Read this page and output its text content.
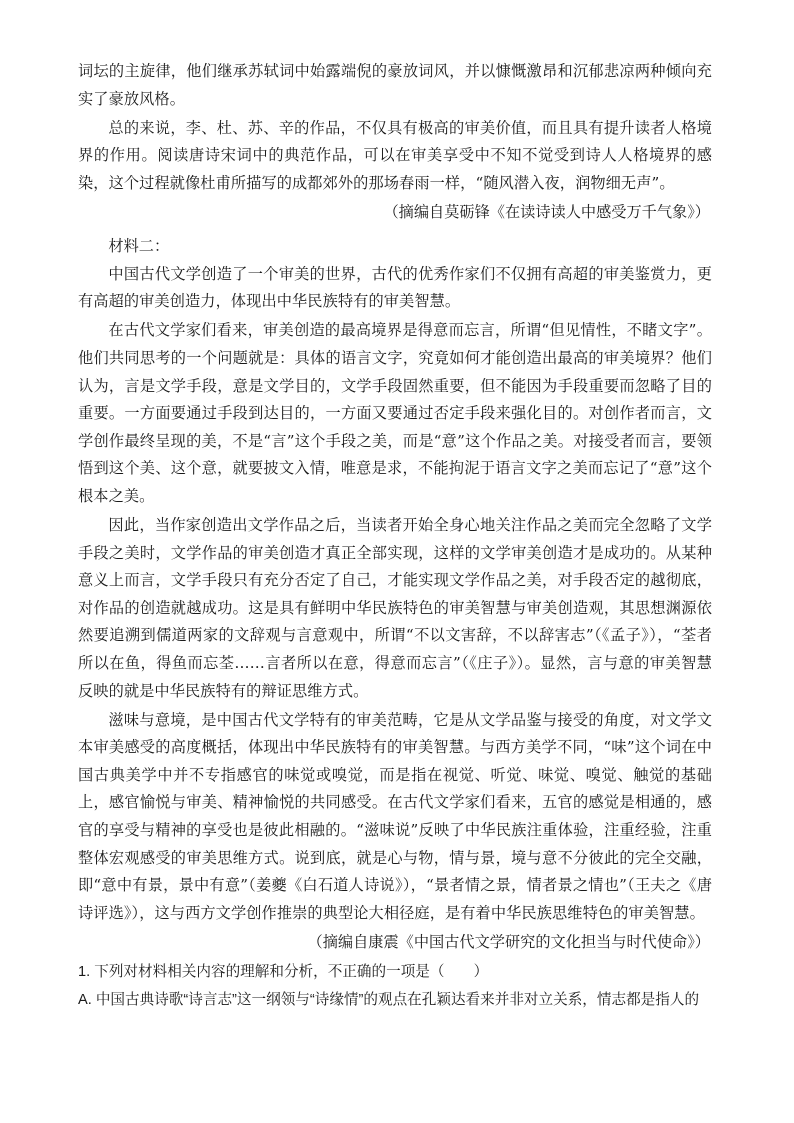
词坛的主旋律，他们继承苏轼词中始露端倪的豪放词风，并以慷慨激昂和沉郁悲凉两种倾向充实了豪放风格。

总的来说，李、杜、苏、辛的作品，不仅具有极高的审美价值，而且具有提升读者人格境界的作用。阅读唐诗宋词中的典范作品，可以在审美享受中不知不觉受到诗人人格境界的感染，这个过程就像杜甫所描写的成都郊外的那场春雨一样，“随风潜入夜，润物细无声”。

（摘编自莫砺锋《在读诗读人中感受万千气象》）

材料二：

中国古代文学创造了一个审美的世界，古代的优秀作家们不仅拥有高超的审美鉴赏力，更有高超的审美创造力，体现出中华民族特有的审美智慧。

在古代文学家们看来，审美创造的最高境界是得意而忘言，所谓“但见情性，不睹文字”。他们共同思考的一个问题就是：具体的语言文字，究竟如何才能创造出最高的审美境界？他们认为，言是文学手段，意是文学目的，文学手段固然重要，但不能因为手段重要而忽略了目的重要。一方面要通过手段到达目的，一方面又要通过否定手段来强化目的。对创作者而言，文学创作最终呈现的美，不是“言”这个手段之美，而是“意”这个作品之美。对接受者而言，要领悟到这个美、这个意，就要披文入情，唯意是求，不能拘泥于语言文字之美而忘记了“意”这个根本之美。

因此，当作家创造出文学作品之后，当读者开始全身心地关注作品之美而完全忽略了文学手段之美时，文学作品的审美创造才真正全部实现，这样的文学审美创造才是成功的。从某种意义上而言，文学手段只有充分否定了自己，才能实现文学作品之美，对手段否定的越彻底，对作品的创造就越成功。这是具有鲜明中华民族特色的审美智慧与审美创造观，其思想渊源依然要追溯到儒道两家的文辞观与言意观中，所谓“不以文害辞，不以辞害志”（《孟子》），“荃者所以在鱼，得鱼而忘荃……言者所以在意，得意而忘言”（《庄子》）。显然，言与意的审美智慧反映的就是中华民族特有的辩证思维方式。

滋味与意境，是中国古代文学特有的审美范畴，它是从文学品鉴与接受的角度，对文学文本审美感受的高度概括，体现出中华民族特有的审美智慧。与西方美学不同，“味”这个词在中国古典美学中并不专指感官的味觉或嗅觉，而是指在视觉、听觉、味觉、嗅觉、触觉的基础上，感官愉悦与审美、精神愉悦的共同感受。在古代文学家们看来，五官的感觉是相通的，感官的享受与精神的享受也是彼此相融的。“滋味说”反映了中华民族注重体验，注重经验，注重整体宏观感受的审美思维方式。说到底，就是心与物，情与景，境与意不分彼此的完全交融，即“意中有景，景中有意”（姜夔《白石道人诗说》），“景者情之景，情者景之情也”（王夫之《唐诗评选》），这与西方文学创作推崇的典型论大相径庭，是有着中华民族思维特色的审美智慧。

（摘编自康震《中国古代文学研究的文化担当与时代使命》）

1. 下列对材料相关内容的理解和分析，不正确的一项是（　　）

A. 中国古典诗歌“诗言志”这一纲领与“诗缘情”的观点在孔颖达看来并非对立关系，情志都是指人的
